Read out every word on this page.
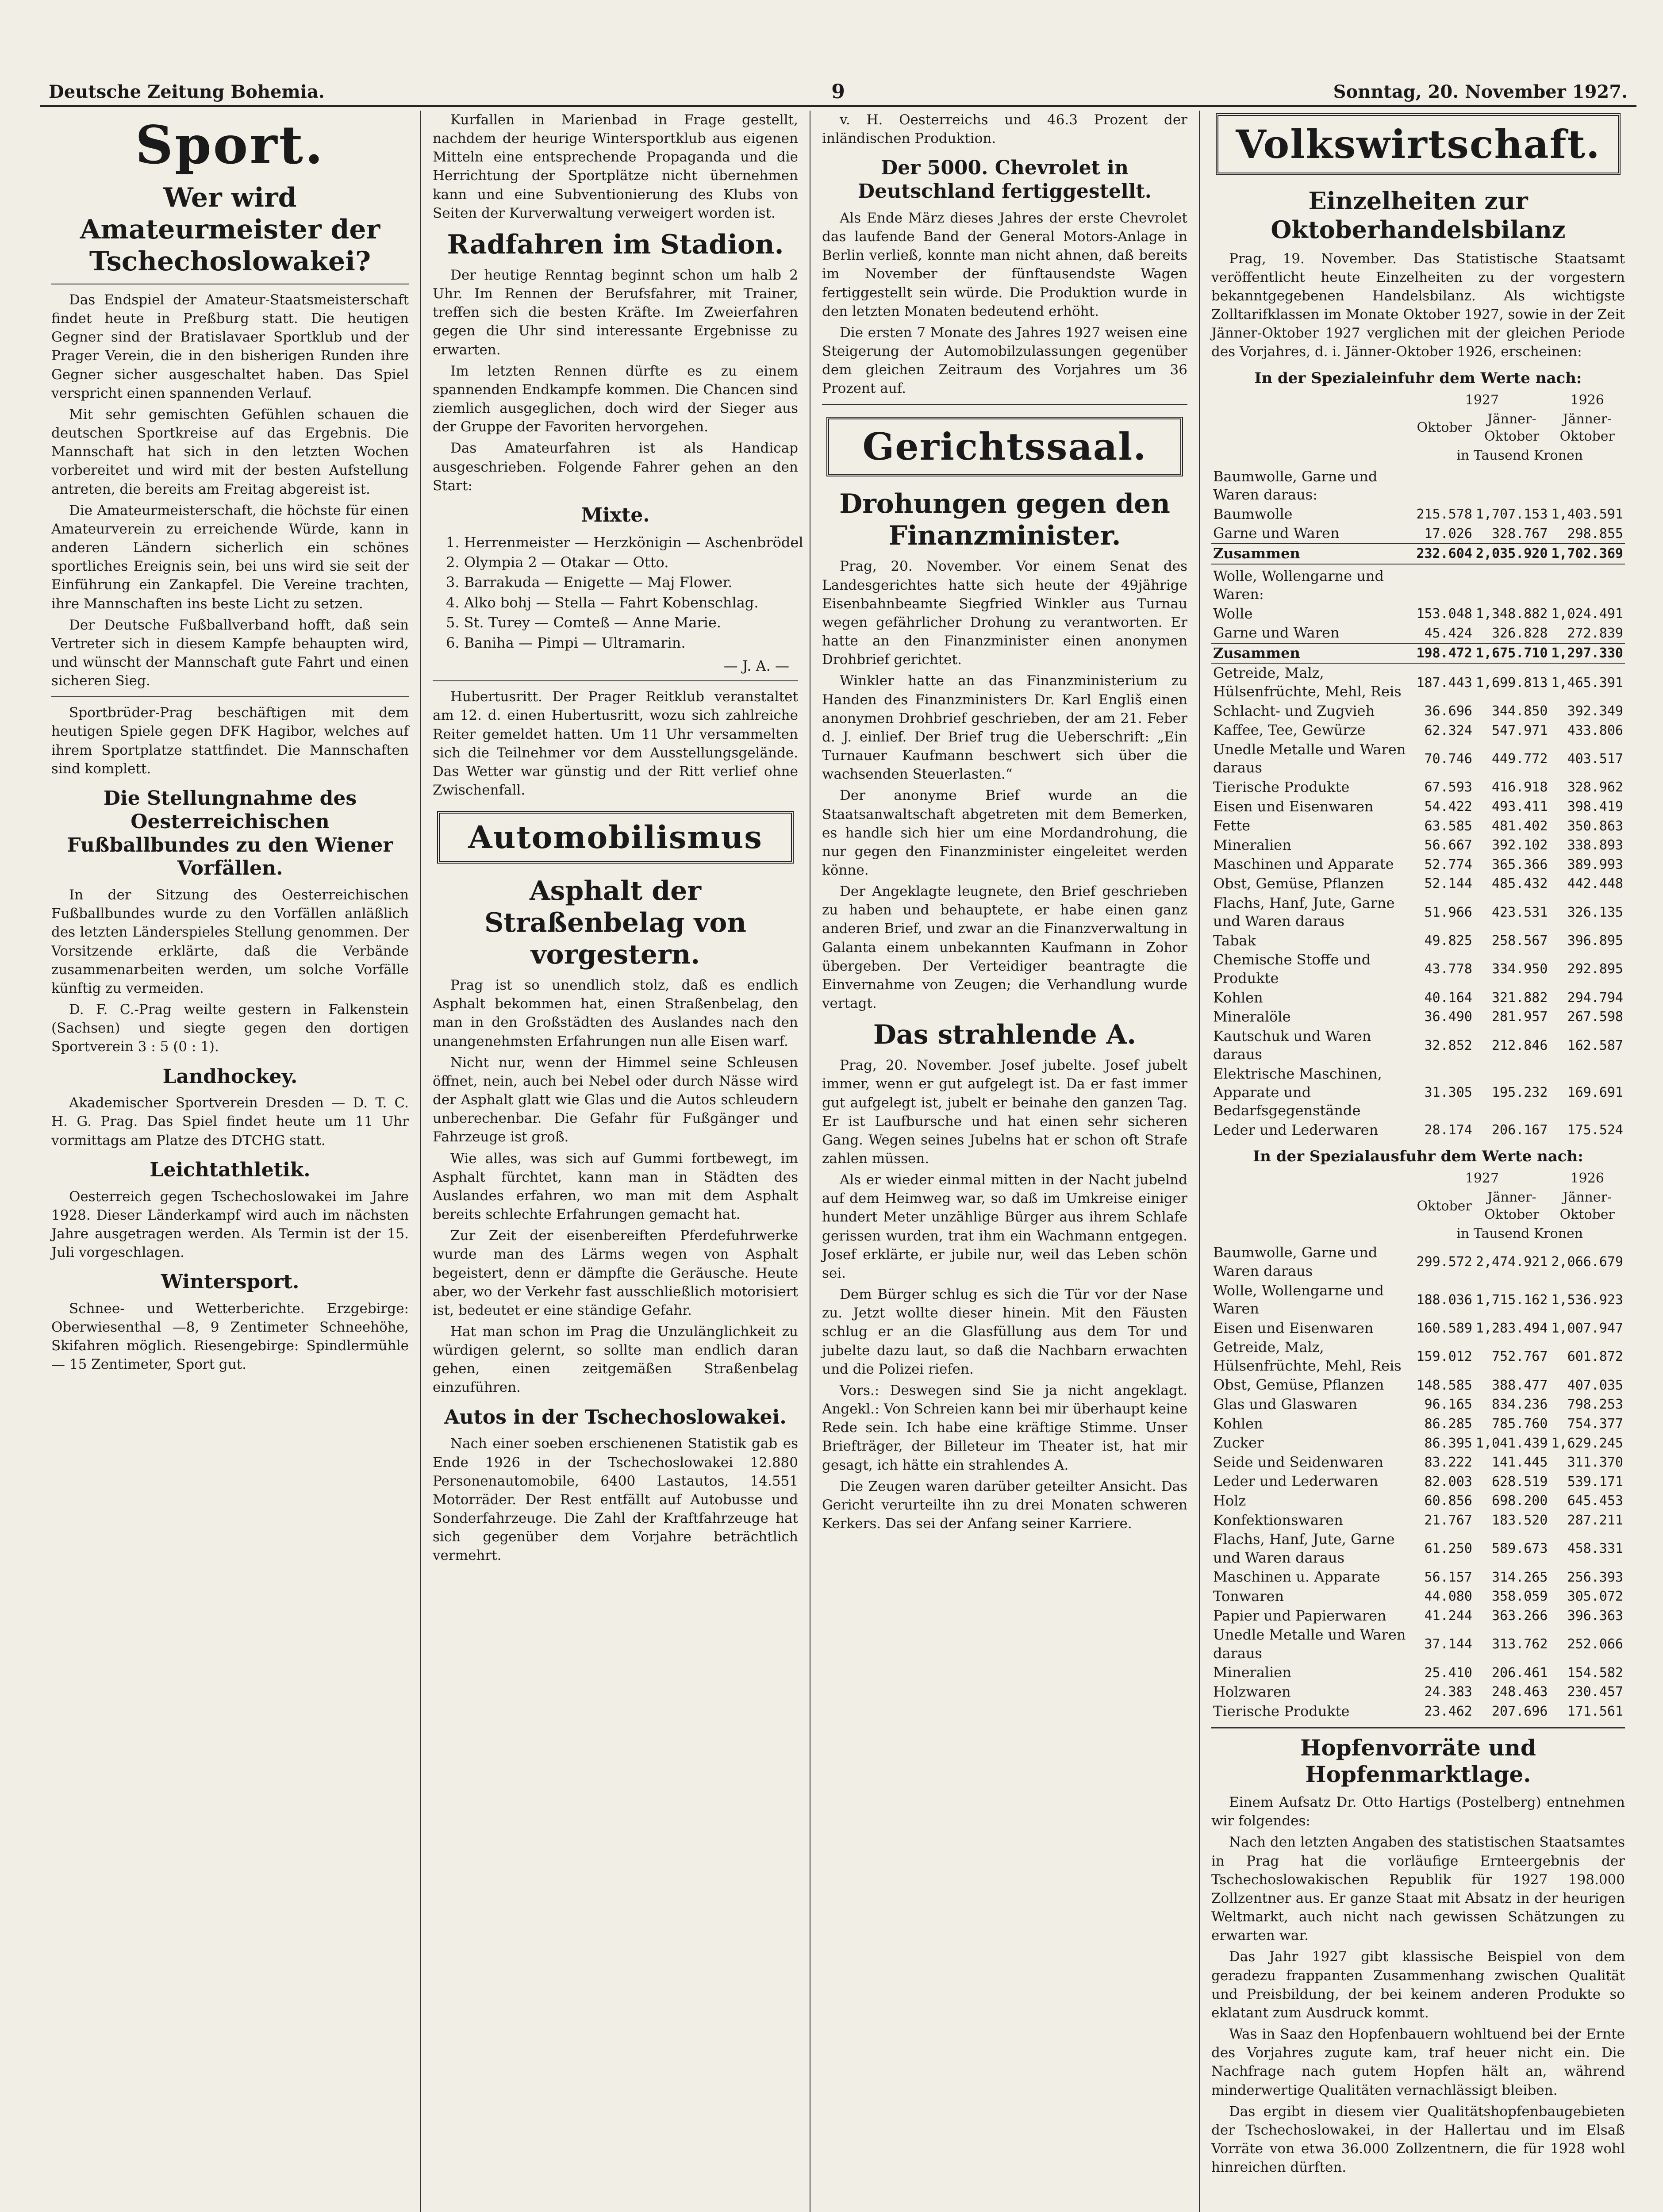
Deutsche Zeitung Bohemia.	9	Sonntag, 20. November 1927.
Sport.
Wer wird Amateurmeister der Tschechoslowakei?

Das Endspiel der Amateur-Staatsmeisterschaft findet heute in Preßburg statt. Die heutigen Gegner sind der Bratislavaer Sportklub und der Prager Verein, die in den bisherigen Runden ihre Gegner sicher ausgeschaltet haben. Das Spiel verspricht einen spannenden Verlauf.

Mit sehr gemischten Gefühlen schauen die deutschen Sportkreise auf das Ergebnis. Die Mannschaft hat sich in den letzten Wochen vorbereitet und wird mit der besten Aufstellung antreten, die bereits am Freitag abgereist ist.

Die Amateurmeisterschaft, die höchste für einen Amateurverein zu erreichende Würde, kann in anderen Ländern sicherlich ein schönes sportliches Ereignis sein, bei uns wird sie seit der Einführung ein Zankapfel. Die Vereine trachten, ihre Mannschaften ins beste Licht zu setzen.

Der Deutsche Fußballverband hofft, daß sein Vertreter sich in diesem Kampfe behaupten wird, und wünscht der Mannschaft gute Fahrt und einen sicheren Sieg.

Sportbrüder-Prag beschäftigen mit dem heutigen Spiele gegen DFK Hagibor, welches auf ihrem Sportplatze stattfindet. Die Mannschaften sind komplett.

Die Stellungnahme des Oesterreichischen Fußballbundes zu den Wiener Vorfällen.

In der Sitzung des Oesterreichischen Fußballbundes wurde zu den Vorfällen anläßlich des letzten Länderspieles Stellung genommen. Der Vorsitzende erklärte, daß die Verbände zusammenarbeiten werden, um solche Vorfälle künftig zu vermeiden.

D. F. C.-Prag weilte gestern in Falkenstein (Sachsen) und siegte gegen den dortigen Sportverein 3 : 5 (0 : 1).

Landhockey.

Akademischer Sportverein Dresden — D. T. C. H. G. Prag. Das Spiel findet heute um 11 Uhr vormittags am Platze des DTCHG statt.

Leichtathletik.

Oesterreich gegen Tschechoslowakei im Jahre 1928. Dieser Länderkampf wird auch im nächsten Jahre ausgetragen werden. Als Termin ist der 15. Juli vorgeschlagen.

Wintersport.

Schnee- und Wetterberichte. Erzgebirge: Oberwiesenthal —8, 9 Zentimeter Schneehöhe, Skifahren möglich. Riesengebirge: Spindlermühle — 15 Zentimeter, Sport gut.

Kurfallen in Marienbad in Frage gestellt, nachdem der heurige Wintersportklub aus eigenen Mitteln eine entsprechende Propaganda und die Herrichtung der Sportplätze nicht übernehmen kann und eine Subventionierung des Klubs von Seiten der Kurverwaltung verweigert worden ist.

Radfahren im Stadion.

Der heutige Renntag beginnt schon um halb 2 Uhr. Im Rennen der Berufsfahrer, mit Trainer, treffen sich die besten Kräfte. Im Zweierfahren gegen die Uhr sind interessante Ergebnisse zu erwarten.

Im letzten Rennen dürfte es zu einem spannenden Endkampfe kommen. Die Chancen sind ziemlich ausgeglichen, doch wird der Sieger aus der Gruppe der Favoriten hervorgehen.

Das Amateurfahren ist als Handicap ausgeschrieben. Folgende Fahrer gehen an den Start:

Mixte.
1. Herrenmeister — Herzkönigin — Aschenbrödel
2. Olympia 2 — Otakar — Otto.
3. Barrakuda — Enigette — Maj Flower.
4. Alko bohj — Stella — Fahrt Kobenschlag.
5. St. Turey — Comteß — Anne Marie.
6. Baniha — Pimpi — Ultramarin.
— J. A. —

Hubertusritt. Der Prager Reitklub veranstaltet am 12. d. einen Hubertusritt, wozu sich zahlreiche Reiter gemeldet hatten. Um 11 Uhr versammelten sich die Teilnehmer vor dem Ausstellungsgelände. Das Wetter war günstig und der Ritt verlief ohne Zwischenfall.

Automobilismus
Asphalt der Straßenbelag von vorgestern.

Prag ist so unendlich stolz, daß es endlich Asphalt bekommen hat, einen Straßenbelag, den man in den Großstädten des Auslandes nach den unangenehmsten Erfahrungen nun alle Eisen warf.

Nicht nur, wenn der Himmel seine Schleusen öffnet, nein, auch bei Nebel oder durch Nässe wird der Asphalt glatt wie Glas und die Autos schleudern unberechenbar. Die Gefahr für Fußgänger und Fahrzeuge ist groß.

Wie alles, was sich auf Gummi fortbewegt, im Asphalt fürchtet, kann man in Städten des Auslandes erfahren, wo man mit dem Asphalt bereits schlechte Erfahrungen gemacht hat.

Zur Zeit der eisenbereiften Pferdefuhrwerke wurde man des Lärms wegen von Asphalt begeistert, denn er dämpfte die Geräusche. Heute aber, wo der Verkehr fast ausschließlich motorisiert ist, bedeutet er eine ständige Gefahr.

Hat man schon im Prag die Unzulänglichkeit zu würdigen gelernt, so sollte man endlich daran gehen, einen zeitgemäßen Straßenbelag einzuführen.

Autos in der Tschechoslowakei.

Nach einer soeben erschienenen Statistik gab es Ende 1926 in der Tschechoslowakei 12.880 Personenautomobile, 6400 Lastautos, 14.551 Motorräder. Der Rest entfällt auf Autobusse und Sonderfahrzeuge. Die Zahl der Kraftfahrzeuge hat sich gegenüber dem Vorjahre beträchtlich vermehrt.

v. H. Oesterreichs und 46.3 Prozent der inländischen Produktion.

Der 5000. Chevrolet in Deutschland fertiggestellt.

Als Ende März dieses Jahres der erste Chevrolet das laufende Band der General Motors-Anlage in Berlin verließ, konnte man nicht ahnen, daß bereits im November der fünftausendste Wagen fertiggestellt sein würde. Die Produktion wurde in den letzten Monaten bedeutend erhöht.

Die ersten 7 Monate des Jahres 1927 weisen eine Steigerung der Automobilzulassungen gegenüber dem gleichen Zeitraum des Vorjahres um 36 Prozent auf.

Gerichtssaal.
Drohungen gegen den Finanzminister.

Prag, 20. November. Vor einem Senat des Landesgerichtes hatte sich heute der 49jährige Eisenbahnbeamte Siegfried Winkler aus Turnau wegen gefährlicher Drohung zu verantworten. Er hatte an den Finanzminister einen anonymen Drohbrief gerichtet.

Winkler hatte an das Finanzministerium zu Handen des Finanzministers Dr. Karl Engliš einen anonymen Drohbrief geschrieben, der am 21. Feber d. J. einlief. Der Brief trug die Ueberschrift: „Ein Turnauer Kaufmann beschwert sich über die wachsenden Steuerlasten.“

Der anonyme Brief wurde an die Staatsanwaltschaft abgetreten mit dem Bemerken, es handle sich hier um eine Mordandrohung, die nur gegen den Finanzminister eingeleitet werden könne.

Der Angeklagte leugnete, den Brief geschrieben zu haben und behauptete, er habe einen ganz anderen Brief, und zwar an die Finanzverwaltung in Galanta einem unbekannten Kaufmann in Zohor übergeben. Der Verteidiger beantragte die Einvernahme von Zeugen; die Verhandlung wurde vertagt.

Das strahlende A.

Prag, 20. November. Josef jubelte. Josef jubelt immer, wenn er gut aufgelegt ist. Da er fast immer gut aufgelegt ist, jubelt er beinahe den ganzen Tag. Er ist Laufbursche und hat einen sehr sicheren Gang. Wegen seines Jubelns hat er schon oft Strafe zahlen müssen.

Als er wieder einmal mitten in der Nacht jubelnd auf dem Heimweg war, so daß im Umkreise einiger hundert Meter unzählige Bürger aus ihrem Schlafe gerissen wurden, trat ihm ein Wachmann entgegen. Josef erklärte, er jubile nur, weil das Leben schön sei.

Dem Bürger schlug es sich die Tür vor der Nase zu. Jetzt wollte dieser hinein. Mit den Fäusten schlug er an die Glasfüllung aus dem Tor und jubelte dazu laut, so daß die Nachbarn erwachten und die Polizei riefen.

Vors.: Deswegen sind Sie ja nicht angeklagt. Angekl.: Von Schreien kann bei mir überhaupt keine Rede sein. Ich habe eine kräftige Stimme. Unser Briefträger, der Billeteur im Theater ist, hat mir gesagt, ich hätte ein strahlendes A.

Die Zeugen waren darüber geteilter Ansicht. Das Gericht verurteilte ihn zu drei Monaten schweren Kerkers. Das sei der Anfang seiner Karriere.

Volkswirtschaft.
Einzelheiten zur Oktoberhandelsbilanz

Prag, 19. November. Das Statistische Staatsamt veröffentlicht heute Einzelheiten zu der vorgestern bekanntgegebenen Handelsbilanz. Als wichtigste Zolltarifklassen im Monate Oktober 1927, sowie in der Zeit Jänner-Oktober 1927 verglichen mit der gleichen Periode des Vorjahres, d. i. Jänner-Oktober 1926, erscheinen:

In der Spezialeinfuhr dem Werte nach:
	1927		1926
	Oktober	Jänner-Oktober	Jänner-Oktober
	in Tausend Kronen		
Baumwolle, Garne und Waren daraus:			
Baumwolle	215.578	1,707.153	1,403.591
Garne und Waren	17.026	328.767	298.855
Zusammen	232.604	2,035.920	1,702.369
Wolle, Wollengarne und Waren:			
Wolle	153.048	1,348.882	1,024.491
Garne und Waren	45.424	326.828	272.839
Zusammen	198.472	1,675.710	1,297.330
Getreide, Malz, Hülsenfrüchte, Mehl, Reis	187.443	1,699.813	1,465.391
Schlacht- und Zugvieh	36.696	344.850	392.349
Kaffee, Tee, Gewürze	62.324	547.971	433.806
Unedle Metalle und Waren daraus	70.746	449.772	403.517
Tierische Produkte	67.593	416.918	328.962
Eisen und Eisenwaren	54.422	493.411	398.419
Fette	63.585	481.402	350.863
Mineralien	56.667	392.102	338.893
Maschinen und Apparate	52.774	365.366	389.993
Obst, Gemüse, Pflanzen	52.144	485.432	442.448
Flachs, Hanf, Jute, Garne und Waren daraus	51.966	423.531	326.135
Tabak	49.825	258.567	396.895
Chemische Stoffe und Produkte	43.778	334.950	292.895
Kohlen	40.164	321.882	294.794
Mineralöle	36.490	281.957	267.598
Kautschuk und Waren daraus	32.852	212.846	162.587
Elektrische Maschinen, Apparate und Bedarfsgegenstände	31.305	195.232	169.691
Leder und Lederwaren	28.174	206.167	175.524
In der Spezialausfuhr dem Werte nach:
	1927		1926
	Oktober	Jänner-Oktober	Jänner-Oktober
	in Tausend Kronen		
Baumwolle, Garne und Waren daraus	299.572	2,474.921	2,066.679
Wolle, Wollengarne und Waren	188.036	1,715.162	1,536.923
Eisen und Eisenwaren	160.589	1,283.494	1,007.947
Getreide, Malz, Hülsenfrüchte, Mehl, Reis	159.012	752.767	601.872
Obst, Gemüse, Pflanzen	148.585	388.477	407.035
Glas und Glaswaren	96.165	834.236	798.253
Kohlen	86.285	785.760	754.377
Zucker	86.395	1,041.439	1,629.245
Seide und Seidenwaren	83.222	141.445	311.370
Leder und Lederwaren	82.003	628.519	539.171
Holz	60.856	698.200	645.453
Konfektionswaren	21.767	183.520	287.211
Flachs, Hanf, Jute, Garne und Waren daraus	61.250	589.673	458.331
Maschinen u. Apparate	56.157	314.265	256.393
Tonwaren	44.080	358.059	305.072
Papier und Papierwaren	41.244	363.266	396.363
Unedle Metalle und Waren daraus	37.144	313.762	252.066
Mineralien	25.410	206.461	154.582
Holzwaren	24.383	248.463	230.457
Tierische Produkte	23.462	207.696	171.561
Hopfenvorräte und Hopfenmarktlage.

Einem Aufsatz Dr. Otto Hartigs (Postelberg) entnehmen wir folgendes:

Nach den letzten Angaben des statistischen Staatsamtes in Prag hat die vorläufige Ernteergebnis der Tschechoslowakischen Republik für 1927 198.000 Zollzentner aus. Er ganze Staat mit Absatz in der heurigen Weltmarkt, auch nicht nach gewissen Schätzungen zu erwarten war.

Das Jahr 1927 gibt klassische Beispiel von dem geradezu frappanten Zusammenhang zwischen Qualität und Preisbildung, der bei keinem anderen Produkte so eklatant zum Ausdruck kommt.

Was in Saaz den Hopfenbauern wohltuend bei der Ernte des Vorjahres zugute kam, traf heuer nicht ein. Die Nachfrage nach gutem Hopfen hält an, während minderwertige Qualitäten vernachlässigt bleiben.

Das ergibt in diesem vier Qualitätshopfenbaugebieten der Tschechoslowakei, in der Hallertau und im Elsaß Vorräte von etwa 36.000 Zollzentnern, die für 1928 wohl hinreichen dürften.
